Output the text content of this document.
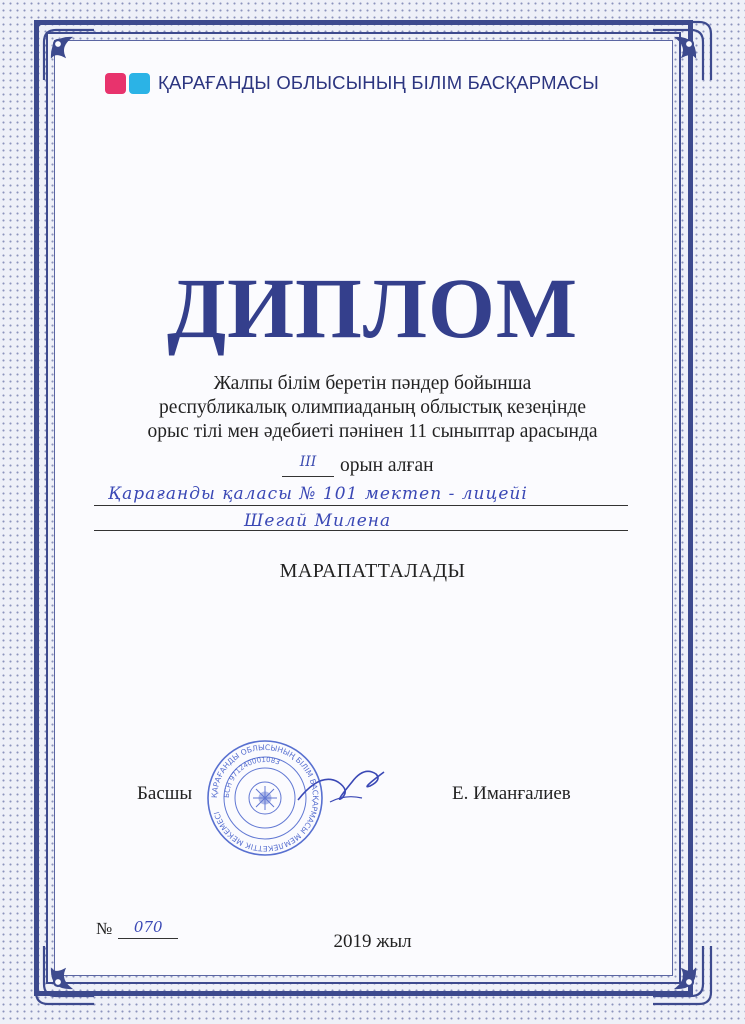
ҚАРАҒАНДЫ ОБЛЫСЫНЫҢ БІЛІМ БАСҚАРМАСЫ
ДИПЛОМ
Жалпы білім беретін пәндер бойынша
республикалық олимпиаданың облыстық кезеңінде
орыс тілі мен әдебиеті пәнінен 11 сыныптар арасында
III	орын алған
Қарағанды қаласы № 101 мектеп - лицейі
Шегай Милена
МАРАПАТТАЛАДЫ
Басшы	Е. Иманғалиев
ҚАРАҒАНДЫ ОБЛЫСЫНЫҢ БІЛІМ БАСҚАРМАСЫ МЕМЛЕКЕТТІК МЕКЕМЕСІ
БСН 971240001083
№	070
2019 жыл
